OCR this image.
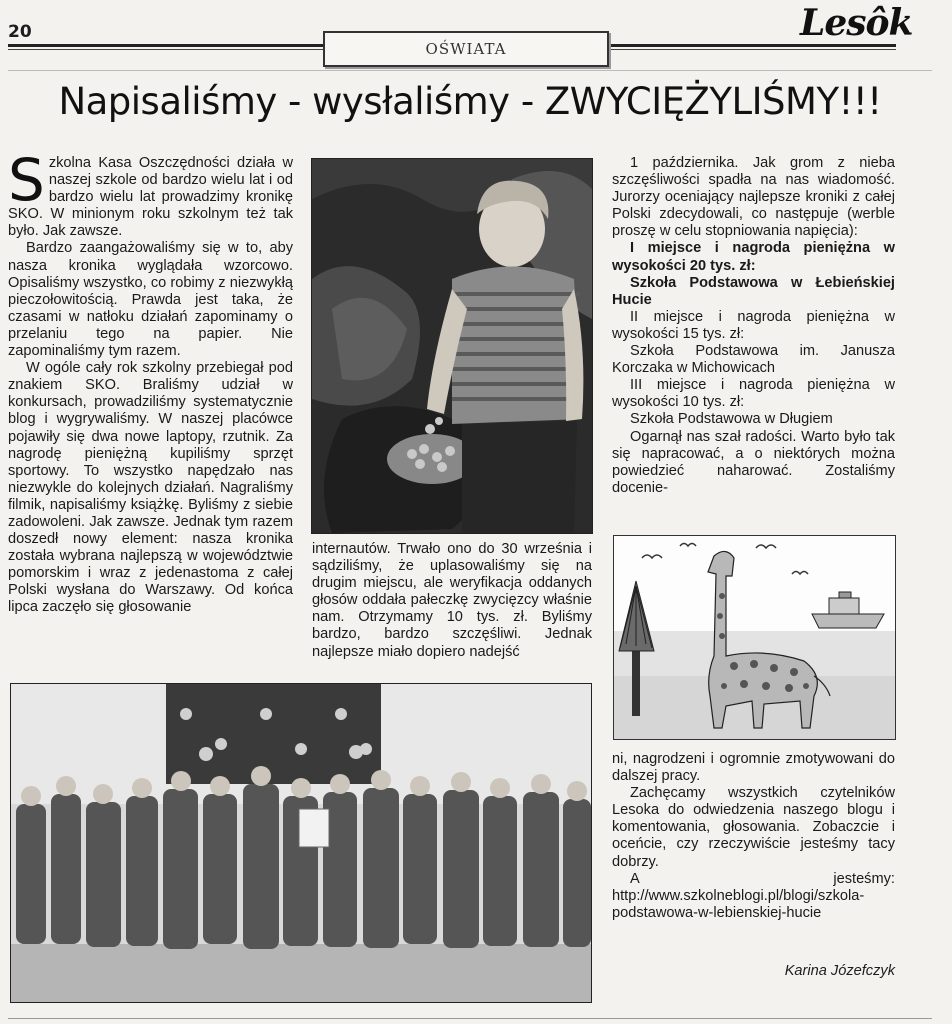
20
OŚWIATA
Lesôk
Napisaliśmy - wysłaliśmy - ZWYCIĘŻYLIŚMY!!!

Szkolna Kasa Oszczędności działa w naszej szkole od bardzo wielu lat i od bardzo wielu lat prowadzimy kronikę SKO. W minionym roku szkolnym też tak było. Jak zawsze.

Bardzo zaangażowaliśmy się w to, aby nasza kronika wyglądała wzorcowo. Opisaliśmy wszystko, co robimy z niezwykłą pieczołowitością. Prawda jest taka, że czasami w natłoku działań zapominamy o przelaniu tego na papier. Nie zapominaliśmy tym razem.

W ogóle cały rok szkolny przebiegał pod znakiem SKO. Braliśmy udział w konkursach, prowadziliśmy systematycznie blog i wygrywaliśmy. W naszej placówce pojawiły się dwa nowe laptopy, rzutnik. Za nagrodę pieniężną kupiliśmy sprzęt sportowy. To wszystko napędzało nas niezwykle do kolejnych działań. Nagraliśmy filmik, napisaliśmy książkę. Byliśmy z siebie zadowoleni. Jak zawsze. Jednak tym razem doszedł nowy element: nasza kronika została wybrana najlepszą w województwie pomorskim i wraz z jedenastoma z całej Polski wysłana do Warszawy. Od końca lipca zaczęło się głosowanie

internautów. Trwało ono do 30 września i sądziliśmy, że uplasowaliśmy się na drugim miejscu, ale weryfikacja oddanych głosów oddała pałeczkę zwycięzcy właśnie nam. Otrzymamy 10 tys. zł. Byliśmy bardzo, bardzo szczęśliwi. Jednak najlepsze miało dopiero nadejść

1 października. Jak grom z nieba szczęśliwości spadła na nas wiadomość. Jurorzy oceniający najlepsze kroniki z całej Polski zdecydowali, co następuje (werble proszę w celu stopniowania napięcia):

I miejsce i nagroda pieniężna w wysokości 20 tys. zł:

Szkoła Podstawowa w Łebieńskiej Hucie

II miejsce i nagroda pieniężna w wysokości 15 tys. zł:

Szkoła Podstawowa im. Janusza Korczaka w Michowicach

III miejsce i nagroda pieniężna w wysokości 10 tys. zł:

Szkoła Podstawowa w Długiem

Ogarnął nas szał radości. Warto było tak się napracować, a o niektórych można powiedzieć naharować. Zostaliśmy docenie-

ni, nagrodzeni i ogromnie zmotywowani do dalszej pracy.

Zachęcamy wszystkich czytelników Lesoka do odwiedzenia naszego blogu i komentowania, głosowania. Zobaczcie i oceńcie, czy rzeczywiście jesteśmy tacy dobrzy.

A jesteśmy: http://www.szkolneblogi.pl/blogi/szkola-podstawowa-w-lebienskiej-hucie

Karina Józefczyk
